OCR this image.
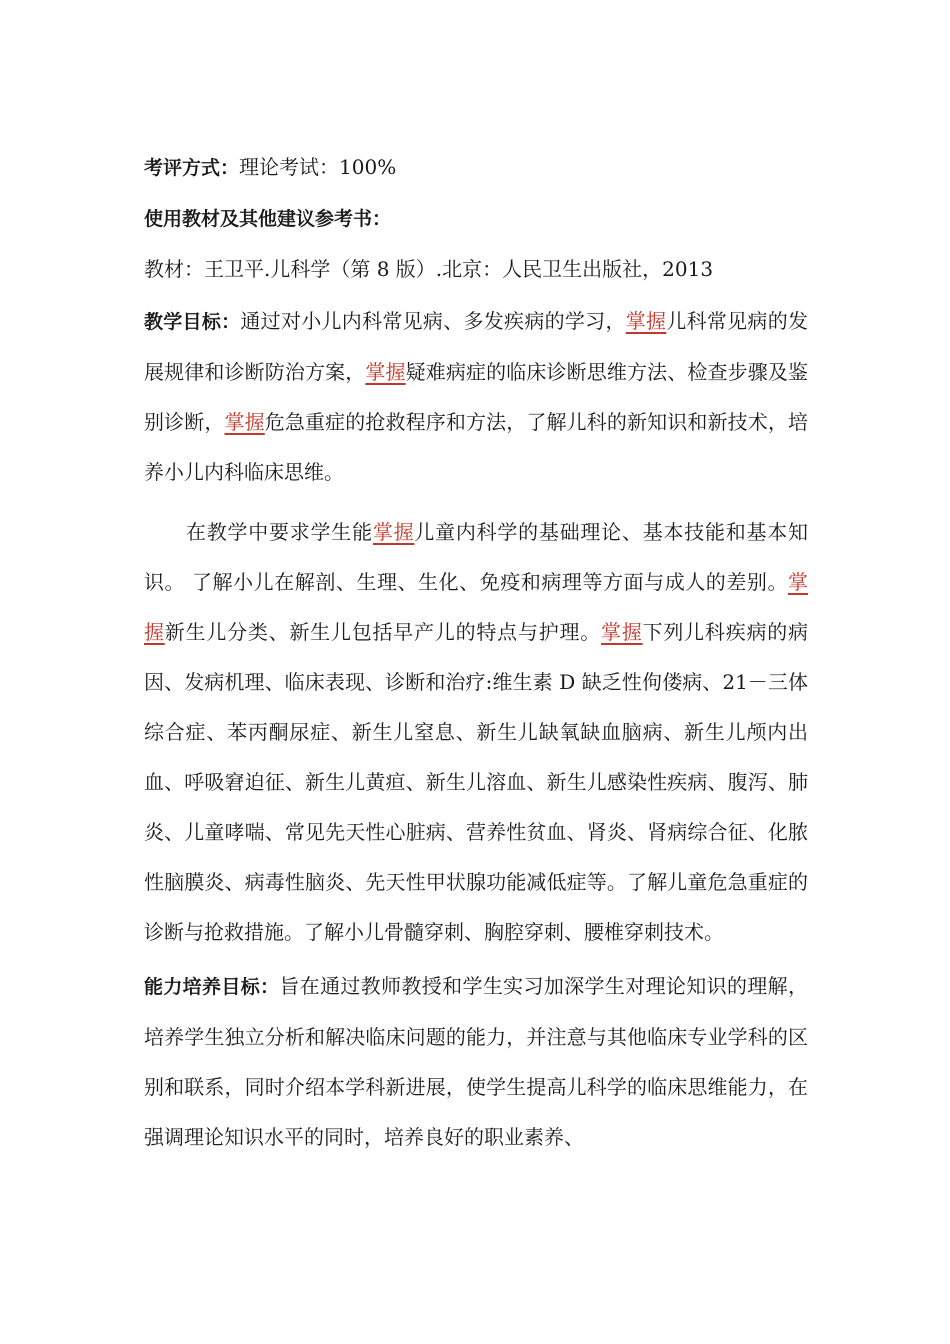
考评方式：理论考试：100%

使用教材及其他建议参考书：

教材：王卫平.儿科学（第 8 版）.北京：人民卫生出版社，2013

教学目标：通过对小儿内科常见病、多发疾病的学习，掌握儿科常见病的发展规律和诊断防治方案，掌握疑难病症的临床诊断思维方法、检查步骤及鉴别诊断，掌握危急重症的抢救程序和方法，了解儿科的新知识和新技术，培养小儿内科临床思维。

在教学中要求学生能掌握儿童内科学的基础理论、基本技能和基本知识。 了解小儿在解剖、生理、生化、免疫和病理等方面与成人的差别。掌握新生儿分类、新生儿包括早产儿的特点与护理。掌握下列儿科疾病的病因、发病机理、临床表现、诊断和治疗:维生素 D 缺乏性佝偻病、21－三体综合症、苯丙酮尿症、新生儿窒息、新生儿缺氧缺血脑病、新生儿颅内出血、呼吸窘迫征、新生儿黄疸、新生儿溶血、新生儿感染性疾病、腹泻、肺炎、儿童哮喘、常见先天性心脏病、营养性贫血、肾炎、肾病综合征、化脓性脑膜炎、病毒性脑炎、先天性甲状腺功能减低症等。了解儿童危急重症的诊断与抢救措施。了解小儿骨髓穿刺、胸腔穿刺、腰椎穿刺技术。

能力培养目标：旨在通过教师教授和学生实习加深学生对理论知识的理解，培养学生独立分析和解决临床问题的能力，并注意与其他临床专业学科的区别和联系，同时介绍本学科新进展，使学生提高儿科学的临床思维能力，在强调理论知识水平的同时，培养良好的职业素养、
